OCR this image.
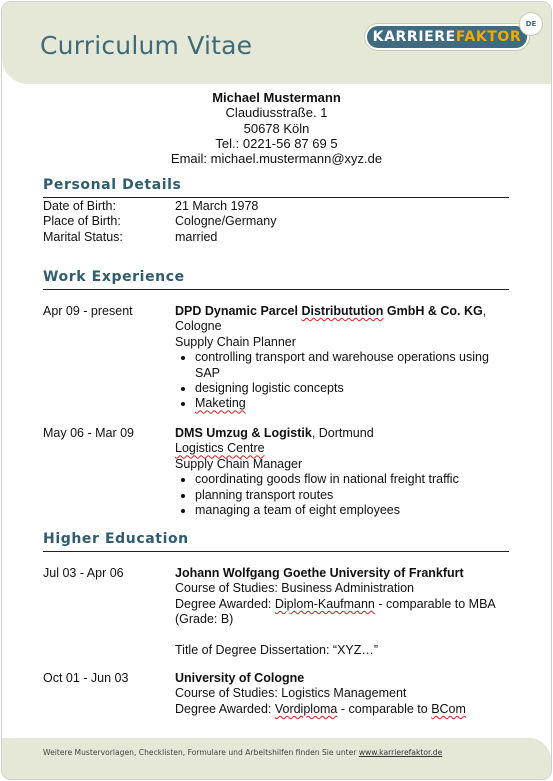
Curriculum Vitae	KARRIEREFAKTOR
DE
Michael Mustermann
Claudiusstraße. 1
50678 Köln
Tel.: 0221-56 87 69 5
Email: michael.mustermann@xyz.de
Personal Details
Date of Birth:	21 March 1978
Place of Birth:	Cologne/Germany
Marital Status:	married
Work Experience
Apr 09 - present	DPD Dynamic Parcel Distributution GmbH & Co. KG, Cologne
Supply Chain Planner
• controlling transport and warehouse operations using SAP
• designing logistic concepts
• Maketing
May 06 - Mar 09	DMS Umzug & Logistik, Dortmund
Logistics Centre
Supply Chain Manager
• coordinating goods flow in national freight traffic
• planning transport routes
• managing a team of eight employees
Higher Education
Jul 03 - Apr 06	Johann Wolfgang Goethe University of Frankfurt
Course of Studies: Business Administration
Degree Awarded: Diplom-Kaufmann - comparable to MBA (Grade: B)
Title of Degree Dissertation: “XYZ…”
Oct 01 - Jun 03	University of Cologne
Course of Studies: Logistics Management
Degree Awarded: Vordiploma - comparable to BCom
Weitere Mustervorlagen, Checklisten, Formulare und Arbeitshilfen finden Sie unter www.karrierefaktor.de
